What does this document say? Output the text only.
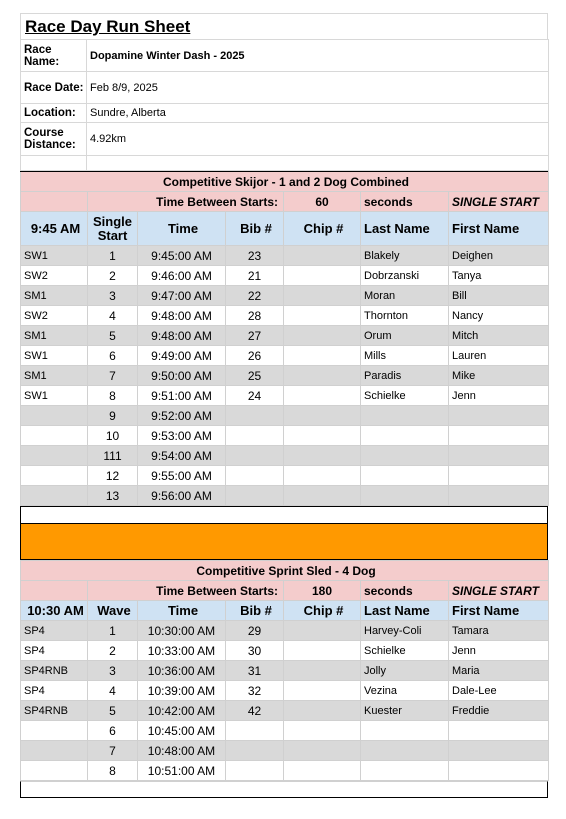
Race Day Run Sheet
Race Name:	Dopamine Winter Dash - 2025
Race Date:	Feb 8/9, 2025
Location:	Sundre, Alberta
Course Distance:	4.92km

Competitive Skijor - 1 and 2 Dog Combined						
	Time Between Starts:			60	seconds	SINGLE START
9:45 AM	Single Start	Time	Bib #	Chip #	Last Name	First Name
SW1	1	9:45:00 AM	23		Blakely	Deighen
SW2	2	9:46:00 AM	21		Dobrzanski	Tanya
SM1	3	9:47:00 AM	22		Moran	Bill
SW2	4	9:48:00 AM	28		Thornton	Nancy
SM1	5	9:48:00 AM	27		Orum	Mitch
SW1	6	9:49:00 AM	26		Mills	Lauren
SM1	7	9:50:00 AM	25		Paradis	Mike
SW1	8	9:51:00 AM	24		Schielke	Jenn
	9	9:52:00 AM				
	10	9:53:00 AM				
	111	9:54:00 AM				
	12	9:55:00 AM				
	13	9:56:00 AM				
Competitive Sprint Sled - 4 Dog						
	Time Between Starts:			180	seconds	SINGLE START
10:30 AM	Wave	Time	Bib #	Chip #	Last Name	First Name
SP4	1	10:30:00 AM	29		Harvey-Coli	Tamara
SP4	2	10:33:00 AM	30		Schielke	Jenn
SP4RNB	3	10:36:00 AM	31		Jolly	Maria
SP4	4	10:39:00 AM	32		Vezina	Dale-Lee
SP4RNB	5	10:42:00 AM	42		Kuester	Freddie
	6	10:45:00 AM				
	7	10:48:00 AM				
	8	10:51:00 AM				
